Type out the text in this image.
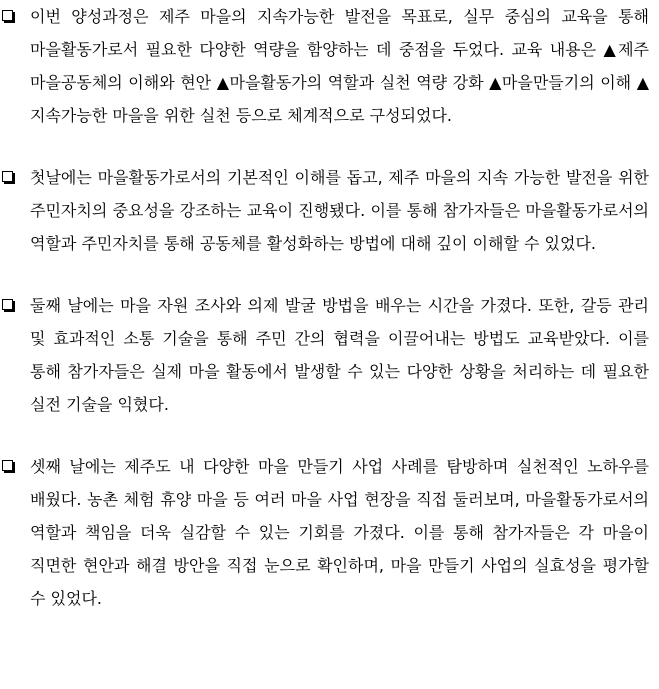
이번 양성과정은 제주 마을의 지속가능한 발전을 목표로, 실무 중심의 교육을 통해 마을활동가로서 필요한 다양한 역량을 함양하는 데 중점을 두었다. 교육 내용은 ▲제주 마을공동체의 이해와 현안 ▲마을활동가의 역할과 실천 역량 강화 ▲마을만들기의 이해 ▲지속가능한 마을을 위한 실천 등으로 체계적으로 구성되었다.

첫날에는 마을활동가로서의 기본적인 이해를 돕고, 제주 마을의 지속 가능한 발전을 위한 주민자치의 중요성을 강조하는 교육이 진행됐다. 이를 통해 참가자들은 마을활동가로서의 역할과 주민자치를 통해 공동체를 활성화하는 방법에 대해 깊이 이해할 수 있었다.

둘째 날에는 마을 자원 조사와 의제 발굴 방법을 배우는 시간을 가졌다. 또한, 갈등 관리 및 효과적인 소통 기술을 통해 주민 간의 협력을 이끌어내는 방법도 교육받았다. 이를 통해 참가자들은 실제 마을 활동에서 발생할 수 있는 다양한 상황을 처리하는 데 필요한 실전 기술을 익혔다.

셋째 날에는 제주도 내 다양한 마을 만들기 사업 사례를 탐방하며 실천적인 노하우를 배웠다. 농촌 체험 휴양 마을 등 여러 마을 사업 현장을 직접 둘러보며, 마을활동가로서의 역할과 책임을 더욱 실감할 수 있는 기회를 가졌다. 이를 통해 참가자들은 각 마을이 직면한 현안과 해결 방안을 직접 눈으로 확인하며, 마을 만들기 사업의 실효성을 평가할 수 있었다.
